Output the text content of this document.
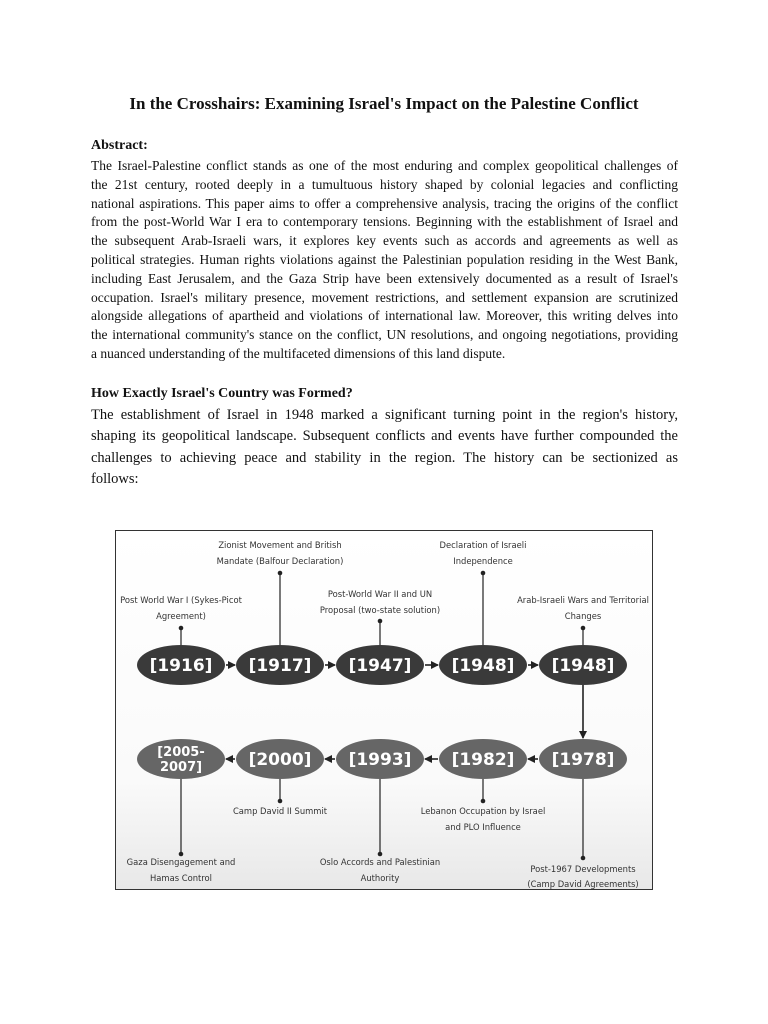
In the Crosshairs: Examining Israel's Impact on the Palestine Conflict
Abstract:
The Israel-Palestine conflict stands as one of the most enduring and complex geopolitical challenges of
the 21st century, rooted deeply in a tumultuous history shaped by colonial legacies and conflicting
national aspirations. This paper aims to offer a comprehensive analysis, tracing the origins of the conflict
from the post-World War I era to contemporary tensions. Beginning with the establishment of Israel and
the subsequent Arab-Israeli wars, it explores key events such as accords and agreements as well as
political strategies. Human rights violations against the Palestinian population residing in the West Bank,
including East Jerusalem, and the Gaza Strip have been extensively documented as a result of Israel's
occupation. Israel's military presence, movement restrictions, and settlement expansion are scrutinized
alongside allegations of apartheid and violations of international law. Moreover, this writing delves into
the international community's stance on the conflict, UN resolutions, and ongoing negotiations, providing
a nuanced understanding of the multifaceted dimensions of this land dispute.
How Exactly Israel's Country was Formed?
The establishment of Israel in 1948 marked a significant turning point in the region's history,
shaping its geopolitical landscape. Subsequent conflicts and events have further compounded the
challenges to achieving peace and stability in the region. The history can be sectionized as
follows:
Post World War I (Sykes-Picot
Agreement)
[1916]
Zionist Movement and British
Mandate (Balfour Declaration)
[1917]
Post-World War II and UN
Proposal (two-state solution)
[1947]
Declaration of Israeli
Independence
[1948]
Arab-Israeli Wars and Territorial
Changes
[1948]
Post-1967 Developments
(Camp David Agreements)
[1978]
Lebanon Occupation by Israel
and PLO Influence
[1982]
Oslo Accords and Palestinian
Authority
[1993]
Camp David II Summit
[2000]
Gaza Disengagement and
Hamas Control
[2005-
2007]
